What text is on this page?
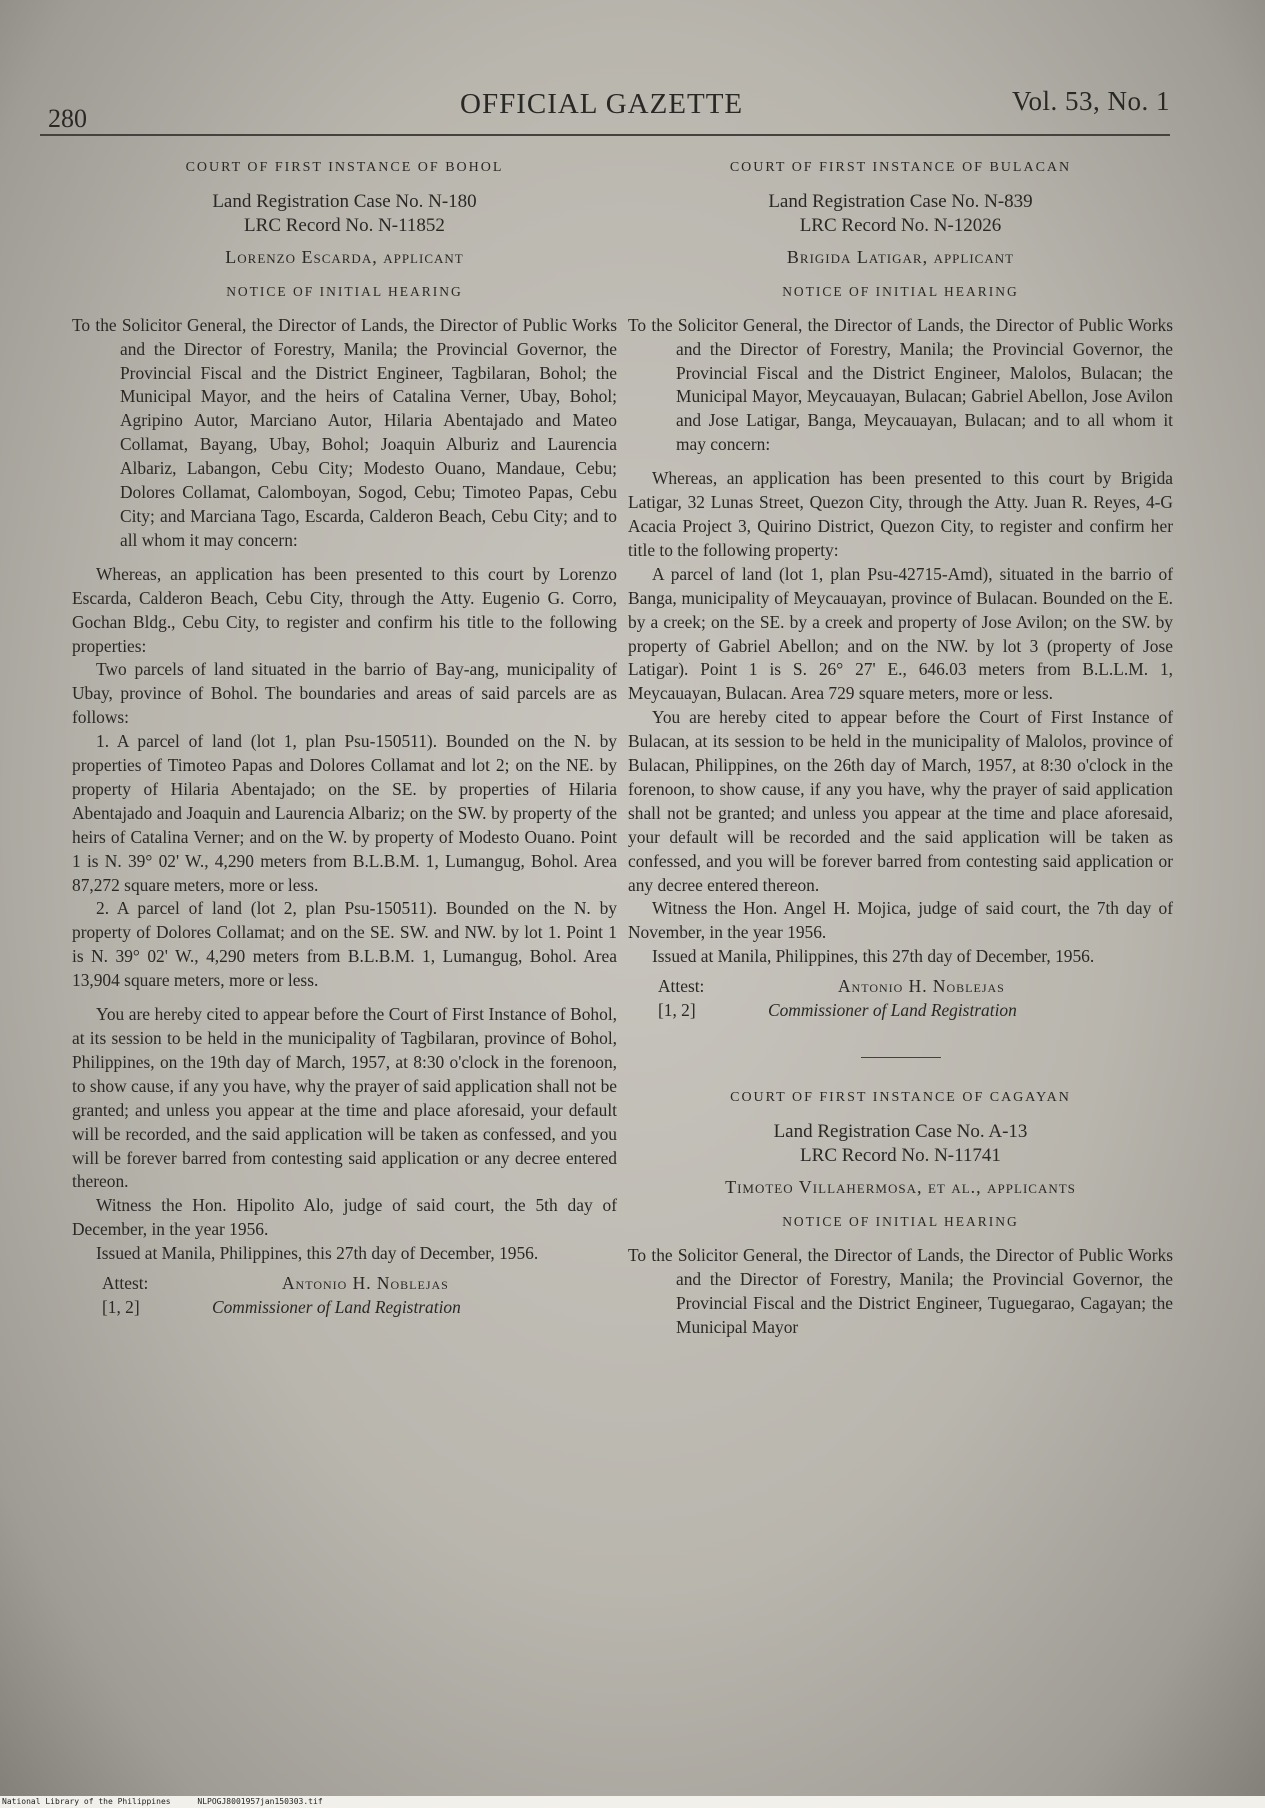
280	OFFICIAL GAZETTE	Vol. 53, No. 1
COURT OF FIRST INSTANCE OF BOHOL
Land Registration Case No. N-180
LRC Record No. N-11852
Lorenzo Escarda, applicant
NOTICE OF INITIAL HEARING

To the Solicitor General, the Director of Lands, the Director of Public Works and the Director of Forestry, Manila; the Provincial Governor, the Provincial Fiscal and the District Engineer, Tagbilaran, Bohol; the Municipal Mayor, and the heirs of Catalina Verner, Ubay, Bohol; Agripino Autor, Marciano Autor, Hilaria Abentajado and Mateo Collamat, Bayang, Ubay, Bohol; Joaquin Alburiz and Laurencia Albariz, Labangon, Cebu City; Modesto Ouano, Mandaue, Cebu; Dolores Collamat, Calomboyan, Sogod, Cebu; Timoteo Papas, Cebu City; and Marciana Tago, Escarda, Calderon Beach, Cebu City; and to all whom it may concern:

Whereas, an application has been presented to this court by Lorenzo Escarda, Calderon Beach, Cebu City, through the Atty. Eugenio G. Corro, Gochan Bldg., Cebu City, to register and confirm his title to the following properties:

Two parcels of land situated in the barrio of Bay-ang, municipality of Ubay, province of Bohol. The boundaries and areas of said parcels are as follows:

1. A parcel of land (lot 1, plan Psu-150511). Bounded on the N. by properties of Timoteo Papas and Dolores Collamat and lot 2; on the NE. by property of Hilaria Abentajado; on the SE. by properties of Hilaria Abentajado and Joaquin and Laurencia Albariz; on the SW. by property of the heirs of Catalina Verner; and on the W. by property of Modesto Ouano. Point 1 is N. 39° 02' W., 4,290 meters from B.L.B.M. 1, Lumangug, Bohol. Area 87,272 square meters, more or less.

2. A parcel of land (lot 2, plan Psu-150511). Bounded on the N. by property of Dolores Collamat; and on the SE. SW. and NW. by lot 1. Point 1 is N. 39° 02' W., 4,290 meters from B.L.B.M. 1, Lumangug, Bohol. Area 13,904 square meters, more or less.

You are hereby cited to appear before the Court of First Instance of Bohol, at its session to be held in the municipality of Tagbilaran, province of Bohol, Philippines, on the 19th day of March, 1957, at 8:30 o'clock in the forenoon, to show cause, if any you have, why the prayer of said application shall not be granted; and unless you appear at the time and place aforesaid, your default will be recorded, and the said application will be taken as confessed, and you will be forever barred from contesting said application or any decree entered thereon.

Witness the Hon. Hipolito Alo, judge of said court, the 5th day of December, in the year 1956.

Issued at Manila, Philippines, this 27th day of December, 1956.

Attest:
[1, 2]
Antonio H. Noblejas
Commissioner of Land Registration
COURT OF FIRST INSTANCE OF BULACAN
Land Registration Case No. N-839
LRC Record No. N-12026
Brigida Latigar, applicant
NOTICE OF INITIAL HEARING

To the Solicitor General, the Director of Lands, the Director of Public Works and the Director of Forestry, Manila; the Provincial Governor, the Provincial Fiscal and the District Engineer, Malolos, Bulacan; the Municipal Mayor, Meycauayan, Bulacan; Gabriel Abellon, Jose Avilon and Jose Latigar, Banga, Meycauayan, Bulacan; and to all whom it may concern:

Whereas, an application has been presented to this court by Brigida Latigar, 32 Lunas Street, Quezon City, through the Atty. Juan R. Reyes, 4-G Acacia Project 3, Quirino District, Quezon City, to register and confirm her title to the following property:

A parcel of land (lot 1, plan Psu-42715-Amd), situated in the barrio of Banga, municipality of Meycauayan, province of Bulacan. Bounded on the E. by a creek; on the SE. by a creek and property of Jose Avilon; on the SW. by property of Gabriel Abellon; and on the NW. by lot 3 (property of Jose Latigar). Point 1 is S. 26° 27' E., 646.03 meters from B.L.L.M. 1, Meycauayan, Bulacan. Area 729 square meters, more or less.

You are hereby cited to appear before the Court of First Instance of Bulacan, at its session to be held in the municipality of Malolos, province of Bulacan, Philippines, on the 26th day of March, 1957, at 8:30 o'clock in the forenoon, to show cause, if any you have, why the prayer of said application shall not be granted; and unless you appear at the time and place aforesaid, your default will be recorded and the said application will be taken as confessed, and you will be forever barred from contesting said application or any decree entered thereon.

Witness the Hon. Angel H. Mojica, judge of said court, the 7th day of November, in the year 1956.

Issued at Manila, Philippines, this 27th day of December, 1956.

Attest:
[1, 2]
Antonio H. Noblejas
Commissioner of Land Registration
COURT OF FIRST INSTANCE OF CAGAYAN
Land Registration Case No. A-13
LRC Record No. N-11741
Timoteo Villahermosa, et al., applicants
NOTICE OF INITIAL HEARING

To the Solicitor General, the Director of Lands, the Director of Public Works and the Director of Forestry, Manila; the Provincial Governor, the Provincial Fiscal and the District Engineer, Tuguegarao, Cagayan; the Municipal Mayor

National Library of the Philippines	NLPOGJ8001957jan150303.tif
